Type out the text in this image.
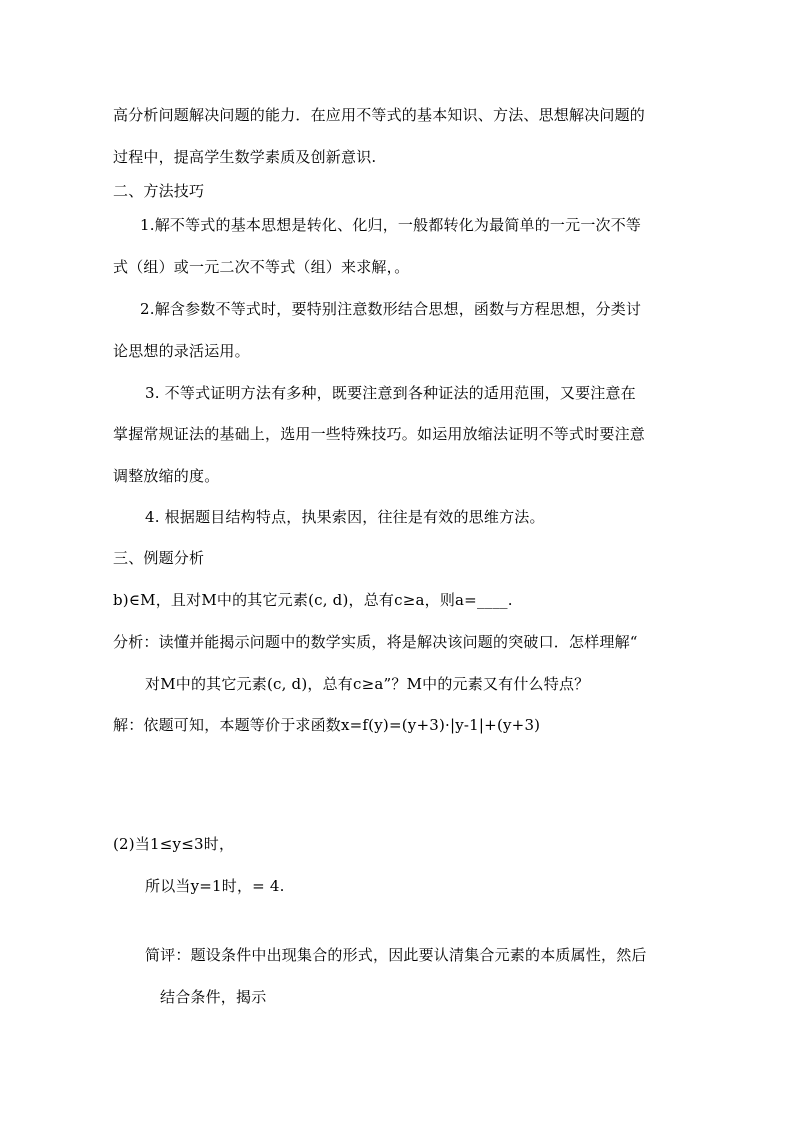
高分析问题解决问题的能力．在应用不等式的基本知识、方法、思想解决问题的
过程中，提高学生数学素质及创新意识.
二、方法技巧
1.解不等式的基本思想是转化、化归，一般都转化为最简单的一元一次不等
式（组）或一元二次不等式（组）来求解，。
2.解含参数不等式时，要特别注意数形结合思想，函数与方程思想，分类讨
论思想的录活运用。
3. 不等式证明方法有多种，既要注意到各种证法的适用范围，又要注意在
掌握常规证法的基础上，选用一些特殊技巧。如运用放缩法证明不等式时要注意
调整放缩的度。
4. 根据题目结构特点，执果索因，往往是有效的思维方法。
三、例题分析
b)∈M，且对M中的其它元素(c, d)，总有c≥a，则a=____.
分析：读懂并能揭示问题中的数学实质，将是解决该问题的突破口．怎样理解“
对M中的其它元素(c, d)，总有c≥a”？M中的元素又有什么特点？
解：依题可知，本题等价于求函数x=f(y)=(y+3)·|y-1|+(y+3)
(2)当1≤y≤3时，
所以当y=1时，= 4.
简评：题设条件中出现集合的形式，因此要认清集合元素的本质属性，然后
结合条件，揭示
